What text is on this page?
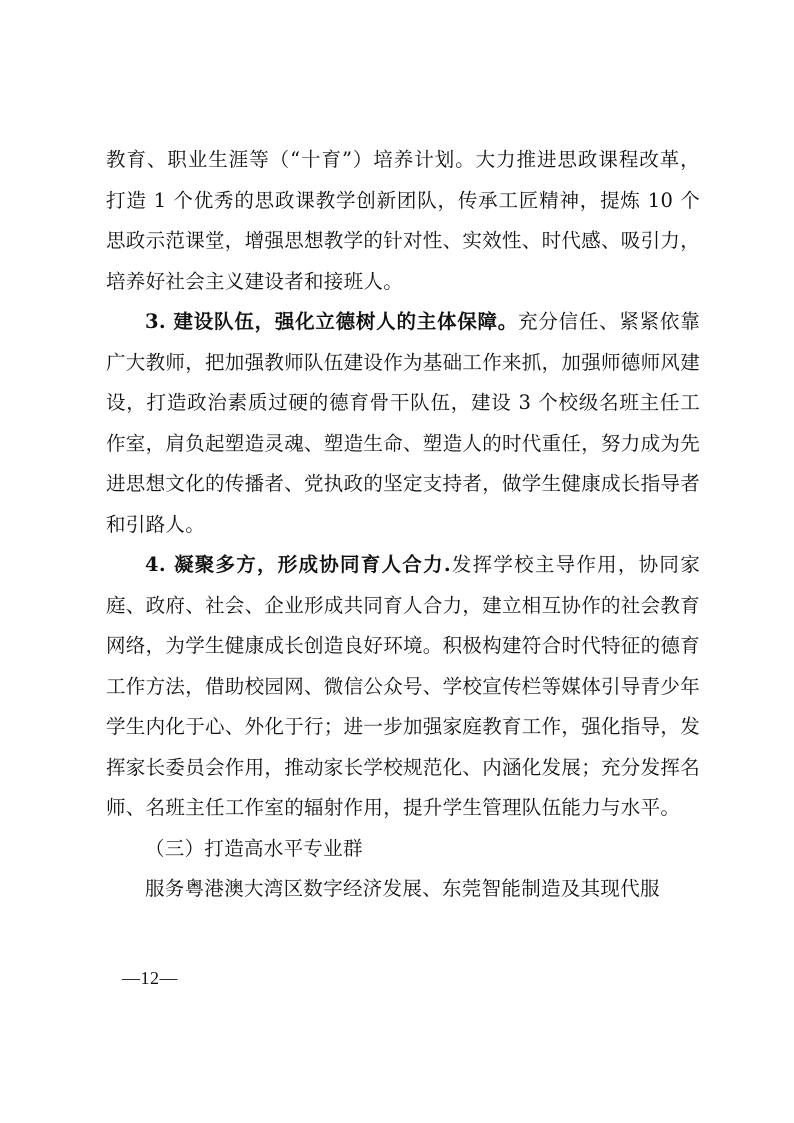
教育、职业生涯等（“十育”）培养计划。大力推进思政课程改革，打造 1 个优秀的思政课教学创新团队，传承工匠精神，提炼 10 个思政示范课堂，增强思想教学的针对性、实效性、时代感、吸引力，培养好社会主义建设者和接班人。

3. 建设队伍，强化立德树人的主体保障。充分信任、紧紧依靠广大教师，把加强教师队伍建设作为基础工作来抓，加强师德师风建设，打造政治素质过硬的德育骨干队伍，建设 3 个校级名班主任工作室，肩负起塑造灵魂、塑造生命、塑造人的时代重任，努力成为先进思想文化的传播者、党执政的坚定支持者，做学生健康成长指导者和引路人。

4. 凝聚多方，形成协同育人合力.发挥学校主导作用，协同家庭、政府、社会、企业形成共同育人合力，建立相互协作的社会教育网络，为学生健康成长创造良好环境。积极构建符合时代特征的德育工作方法，借助校园网、微信公众号、学校宣传栏等媒体引导青少年学生内化于心、外化于行；进一步加强家庭教育工作，强化指导，发挥家长委员会作用，推动家长学校规范化、内涵化发展；充分发挥名师、名班主任工作室的辐射作用，提升学生管理队伍能力与水平。

（三）打造高水平专业群

服务粤港澳大湾区数字经济发展、东莞智能制造及其现代服

—12—
